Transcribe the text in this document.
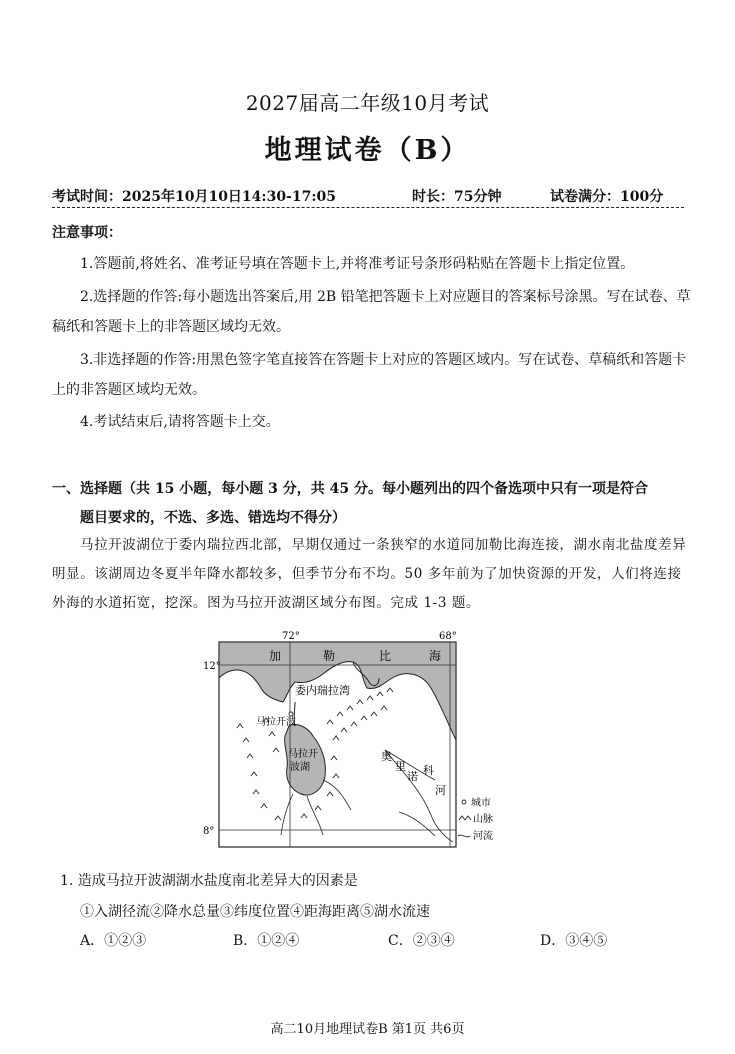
2027届高二年级10月考试
地理试卷（B）
考试时间：2025年10月10日14:30-17:05	时长：75分钟	试卷满分：100分
注意事项：
1.答题前,将姓名、准考证号填在答题卡上,并将准考证号条形码粘贴在答题卡上指定位置。
2.选择题的作答:每小题选出答案后,用 2B 铅笔把答题卡上对应题目的答案标号涂黑。写在试卷、草稿纸和答题卡上的非答题区域均无效。
3.非选择题的作答:用黑色签字笔直接答在答题卡上对应的答题区域内。写在试卷、草稿纸和答题卡上的非答题区域均无效。
4.考试结束后,请将答题卡上交。
一、选择题（共 15 小题，每小题 3 分，共 45 分。每小题列出的四个备选项中只有一项是符合
题目要求的，不选、多选、错选均不得分）
马拉开波湖位于委内瑞拉西北部，早期仅通过一条狭窄的水道同加勒比海连接，湖水南北盐度差异明显。该湖周边冬夏半年降水都较多，但季节分布不均。50 多年前为了加快资源的开发，人们将连接外海的水道拓宽，挖深。图为马拉开波湖区域分布图。完成 1-3 题。
72°	68°
12°
8°
加	勒	比	海
委内瑞拉湾
马拉开波
马拉开
波湖
奥
里
诺 科
河
城市
山脉
河流
1. 造成马拉开波湖湖水盐度南北差异大的因素是
①入湖径流②降水总量③纬度位置④距海距离⑤湖水流速
A．①②③	B．①②④	C．②③④	D．③④⑤
高二10月地理试卷B 第1页 共6页
